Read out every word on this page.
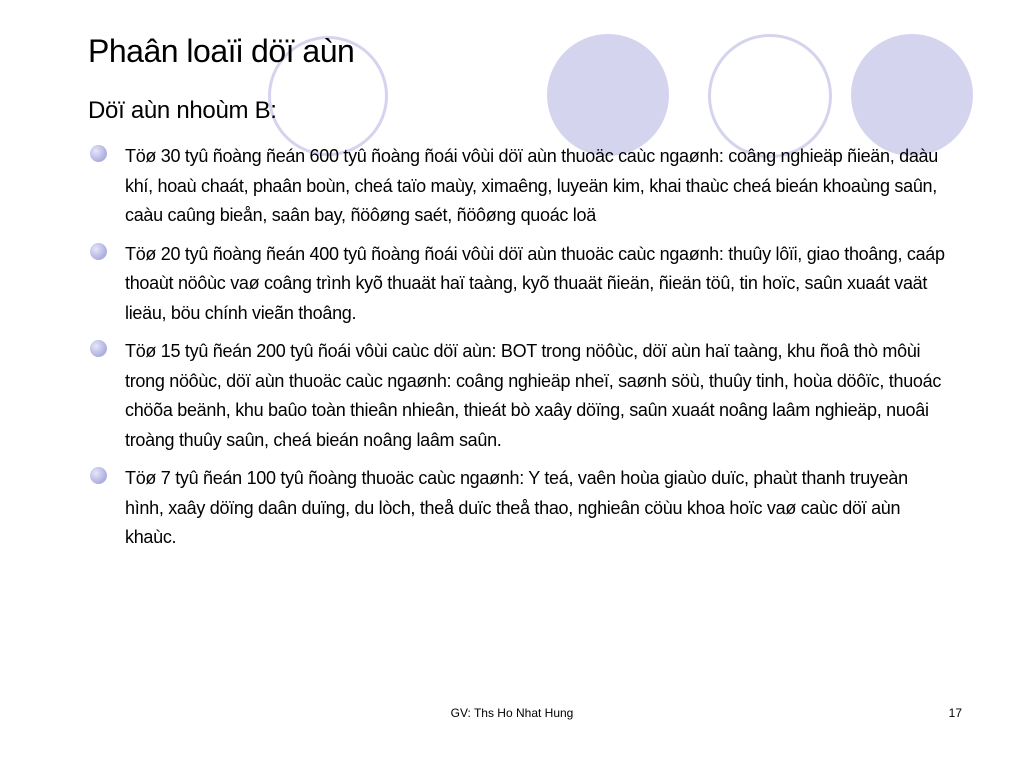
Phaân loaïi döï aùn
Döï aùn nhoùm B:
Töø 30 tyû ñoàng ñeán 600 tyû ñoàng ñoái vôùi döï aùn thuoäc caùc ngaønh: coâng nghieäp ñieän, daàu khí, hoaù chaát, phaân boùn, cheá taïo maùy, ximaêng, luyeän kim, khai thaùc cheá bieán khoaùng saûn, caàu caûng bieån, saân bay, ñöôøng saét, ñöôøng quoác loä
Töø 20 tyû ñoàng ñeán 400 tyû ñoàng ñoái vôùi döï aùn thuoäc caùc ngaønh: thuûy lôïi, giao thoâng, caáp thoaùt nöôùc vaø coâng trình kyõ thuaät haï taàng, kyõ thuaät ñieän, ñieän töû, tin hoïc, saûn xuaát vaät lieäu, böu chính vieãn thoâng.
Töø 15 tyû ñeán 200 tyû ñoái vôùi caùc döï aùn: BOT trong nöôùc, döï aùn haï taàng, khu ñoâ thò môùi trong nöôùc, döï aùn thuoäc caùc ngaønh: coâng nghieäp nheï, saønh söù, thuûy tinh, hoùa döôïc, thuoác chöõa beänh, khu baûo toàn thieân nhieân, thieát bò xaây döïng, saûn xuaát noâng laâm nghieäp, nuoâi troàng thuûy saûn, cheá bieán noâng laâm saûn.
Töø 7 tyû ñeán 100 tyû ñoàng thuoäc caùc ngaønh: Y teá, vaên hoùa giaùo duïc, phaùt thanh truyeàn hình, xaây döïng daân duïng, du lòch, theå duïc theå thao, nghieân cöùu khoa hoïc vaø caùc döï aùn khaùc.
GV: Ths Ho Nhat Hung	17
